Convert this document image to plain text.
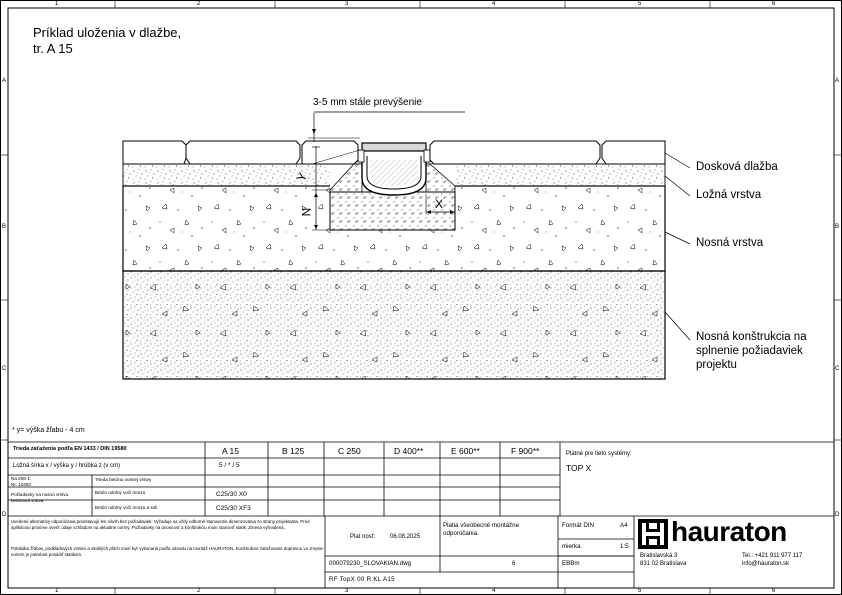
1	2	3	4	5	6
1	2	3	4	5	6
A
B
C
D
A
B
C
D
Príklad uloženia v dlažbe,
tr. A 15
3-5 mm stále prevýšenie
Y
N
X
Dosková dlažba
Ložná vrstva
Nosná vrstva
Nosná konštrukcia na
splnenie požiadaviek
projektu
* y= výška žľabu - 4 cm
Trieda zaťaženia podľa EN 1433 / DIN 19580	A 15	B 125	C 250	D 400**	E 600**	F 900**
Ložná šírka x / výška y / hrúbka z (v cm)	5 / * / 5
Na 206-1:
Nr. 10492
Trieda betónu nosnej vrstvy
Požiadavky na nosnú vrstvu
betónová vrstva
Betón odolný voči mrazu	C25/30 X0
Betón odolný voči mrazu a soli	C25/30 XF3
Platné pre tieto systémy:
TOP X
Uvedené alternatívy odporúčania predstavujú len návrh bez požiadaviek. Vyžaduje sa vždy odborné stanovenie dimenzovania zo strany projektanta. Pred aplikáciou prosíme overiť údaje vzhľadom na aktuálne normy. Požiadavky na únosnosť a konštrukciu musí stanoviť statik. Zmena vyhradená.
Pokládka žľabov, podkladových vrstiev a okolitých plôch musí byť vykonaná podľa návodu na montáž HAURATON. Konštrukcie zaťažované dopravou vo zmysle noriem je potrebné posúdiť statikom.
Plat nosť: 06.08.2025
Platia všeobecné montážne odporúčania.
Formát DIN	A4
mierka	1:5
000079230_SLOVAKIAN.dwg	6	EBBm
RF TopX 00 R KL A15
hauraton
Bratislavská 3
831 02 Bratislava
Tel.: +421 911 977 117
info@hauraton.sk
